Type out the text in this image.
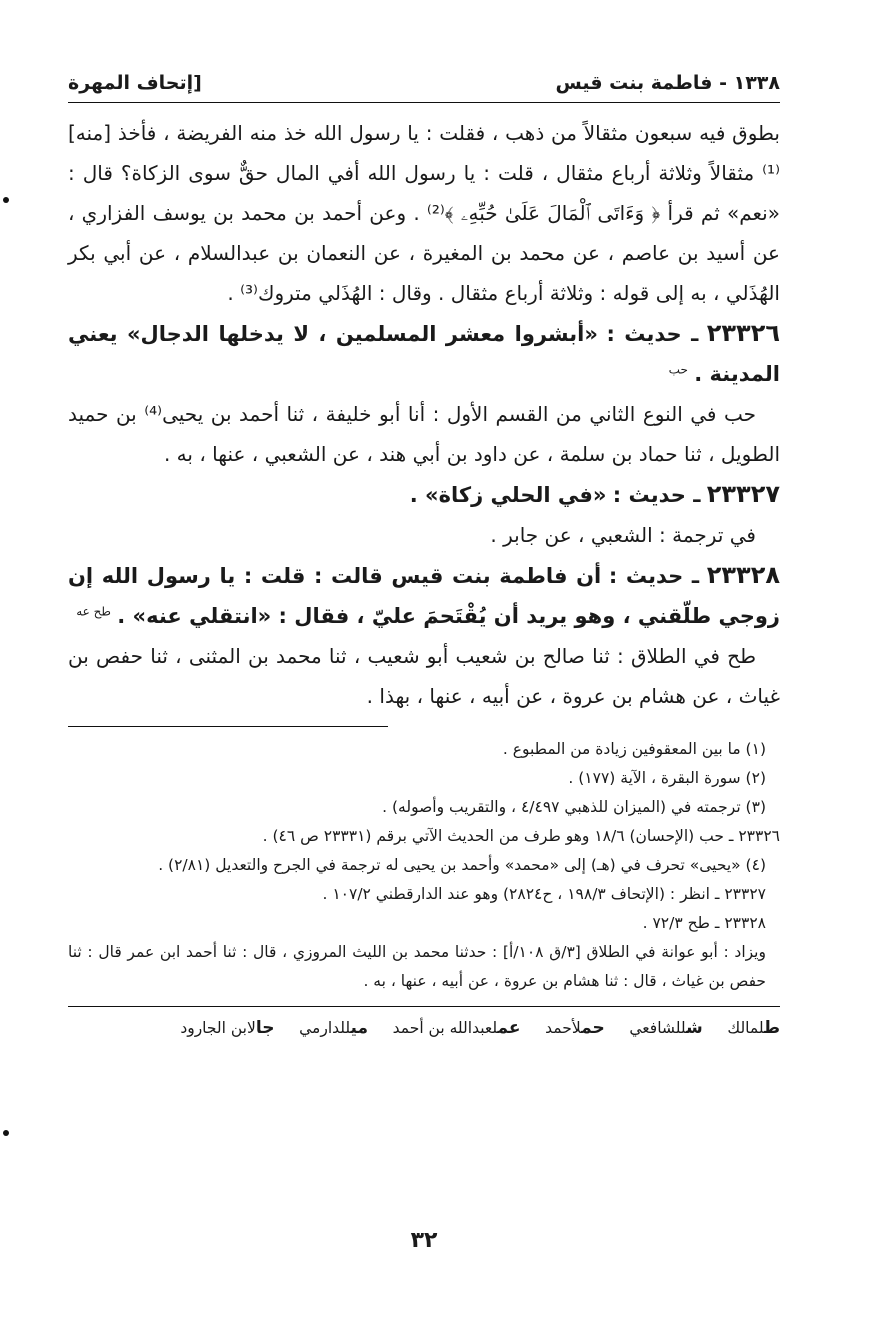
١٣٣٨ - فاطمة بنت قيس
[إتحاف المهرة

بطوق فيه سبعون مثقالاً من ذهب ، فقلت : يا رسول الله خذ منه الفريضة ، فأخذ [منه]⁽¹⁾ مثقالاً وثلاثة أرباع مثقال ، قلت : يا رسول الله أفي المال حقٌّ سوى الزكاة؟ قال : «نعم» ثم قرأ ﴿ وَءَاتَى ٱلْمَالَ عَلَىٰ حُبِّهِۦ ﴾⁽²⁾ . وعن أحمد بن محمد بن يوسف الفزاري ، عن أسيد بن عاصم ، عن محمد بن المغيرة ، عن النعمان بن عبدالسلام ، عن أبي بكر الهُذَلي ، به إلى قوله : وثلاثة أرباع مثقال . وقال : الهُذَلي متروك⁽³⁾ .

٢٣٣٢٦ ـ حديث : «أبشروا معشر المسلمين ، لا يدخلها الدجال» يعني المدينة . $^{حب}$

حب في النوع الثاني من القسم الأول : أنا أبو خليفة ، ثنا أحمد بن يحيى⁽⁴⁾ بن حميد الطويل ، ثنا حماد بن سلمة ، عن داود بن أبي هند ، عن الشعبي ، عنها ، به .

٢٣٣٢٧ ـ حديث : «في الحلي زكاة» .

في ترجمة : الشعبي ، عن جابر .

٢٣٣٢٨ ـ حديث : أن فاطمة بنت قيس قالت : قلت : يا رسول الله إن زوجي طلّقني ، وهو يريد أن يُقْتَحمَ عليّ ، فقال : «انتقلي عنه» . $^{طح عه}$

طح في الطلاق : ثنا صالح بن شعيب أبو شعيب ، ثنا محمد بن المثنى ، ثنا حفص بن غياث ، عن هشام بن عروة ، عن أبيه ، عنها ، بهذا .

(١) ما بين المعقوفين زيادة من المطبوع .

(٢) سورة البقرة ، الآية (١٧٧) .

(٣) ترجمته في (الميزان للذهبي ٤/٤٩٧ ، والتقريب وأصوله) .

٢٣٣٢٦ ـ حب (الإحسان) ١٨/٦ وهو طرف من الحديث الآتي برقم (٢٣٣٣١ ص ٤٦) .

(٤) «يحيى» تحرف في (هـ) إلى «محمد» وأحمد بن يحيى له ترجمة في الجرح والتعديل (٢/٨١) .

٢٣٣٢٧ ـ انظر : (الإتحاف ١٩٨/٣ ، ح٢٨٢٤) وهو عند الدارقطني ١٠٧/٢ .

٢٣٣٢٨ ـ طح ٧٢/٣ .

ويزاد : أبو عوانة في الطلاق [٣/ق ١٠٨/أ] : حدثنا محمد بن الليث المروزي ، قال : ثنا أحمد ابن عمر قال : ثنا حفص بن غياث ، قال : ثنا هشام بن عروة ، عن أبيه ، عنها ، به .

طلمالك     شللشافعي     حملأحمد     عملعبدالله بن أحمد     ميللدارمي     جالابن الجارود
٣٢
